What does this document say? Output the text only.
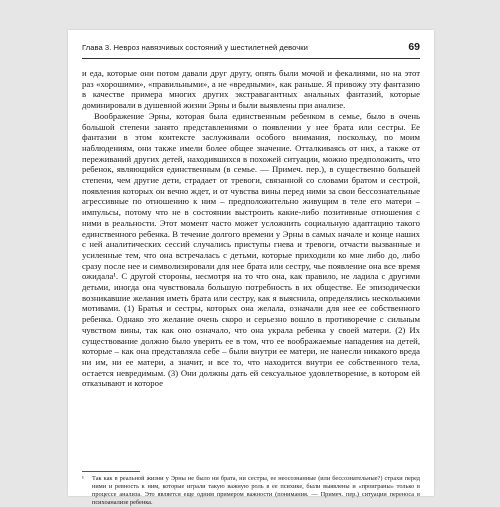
Глава 3. Невроз навязчивых состояний у шестилетней девочки	69

и еда, которые они потом давали друг другу, опять были мочой и фекалиями, но на этот раз «хорошими», «правильными», а не «вредными», как раньше. Я привожу эту фантазию в качестве примера многих других экстравагантных анальных фантазий, которые доминировали в душевной жизни Эрны и были выявлены при анализе.

Воображение Эрны, которая была единственным ребенком в семье, было в очень большой степени занято представлениями о появлении у нее брата или сестры. Ее фантазии в этом контексте заслуживали особого внимания, поскольку, по моим наблюдениям, они также имели более общее значение. Отталкиваясь от них, а также от переживаний других детей, находившихся в похожей ситуации, можно предположить, что ребенок, являющийся единственным (в семье. — Примеч. пер.), в существенно большей степени, чем другие дети, страдает от тревоги, связанной со словами братом и сестрой, появления которых он вечно ждет, и от чувства вины перед ними за свои бессознательные агрессивные по отношению к ним – предположительно живущим в теле его матери – импульсы, потому что не в состоянии выстроить какие-либо позитивные отношения с ними в реальности. Этот момент часто может усложнить социальную адаптацию такого единственного ребенка. В течение долгого времени у Эрны в самых начале и конце наших с ней аналитических сессий случались приступы гнева и тревоги, отчасти вызванные и усиленные тем, что она встречалась с детьми, которые приходили ко мне либо до, либо сразу после нее и символизировали для нее брата или сестру, чье появление она все время ожидала¹. С другой стороны, несмотря на то что она, как правило, не ладила с другими детьми, иногда она чувствовала большую потребность в их обществе. Ее эпизодически возникавшие желания иметь брата или сестру, как я выяснила, определялись несколькими мотивами. (1) Братья и сестры, которых она желала, означали для нее ее собственного ребенка. Однако это желание очень скоро и серьезно вошло в противоречие с сильным чувством вины, так как оно означало, что она украла ребенка у своей матери. (2) Их существование должно было уверить ее в том, что ее воображаемые нападения на детей, которые – как она представляла себе – были внутри ее матери, не нанесли никакого вреда ни им, ни ее матери, а значит, и все то, что находится внутри ее собственного тела, остается невредимым. (3) Они должны дать ей сексуальное удовлетворение, в котором ей отказывают и которое

¹ Так как в реальной жизни у Эрны не было ни брата, ни сестры, ее неосознанные (или бессознательные?) страхи перед ними и ревность к ним, которые играли такую важную роль в ее психике, были выявлены и «проиграны» только в процессе анализа. Это является еще одним примером важности (понимания. — Примеч. пер.) ситуации переноса в психоанализе ребенка.
